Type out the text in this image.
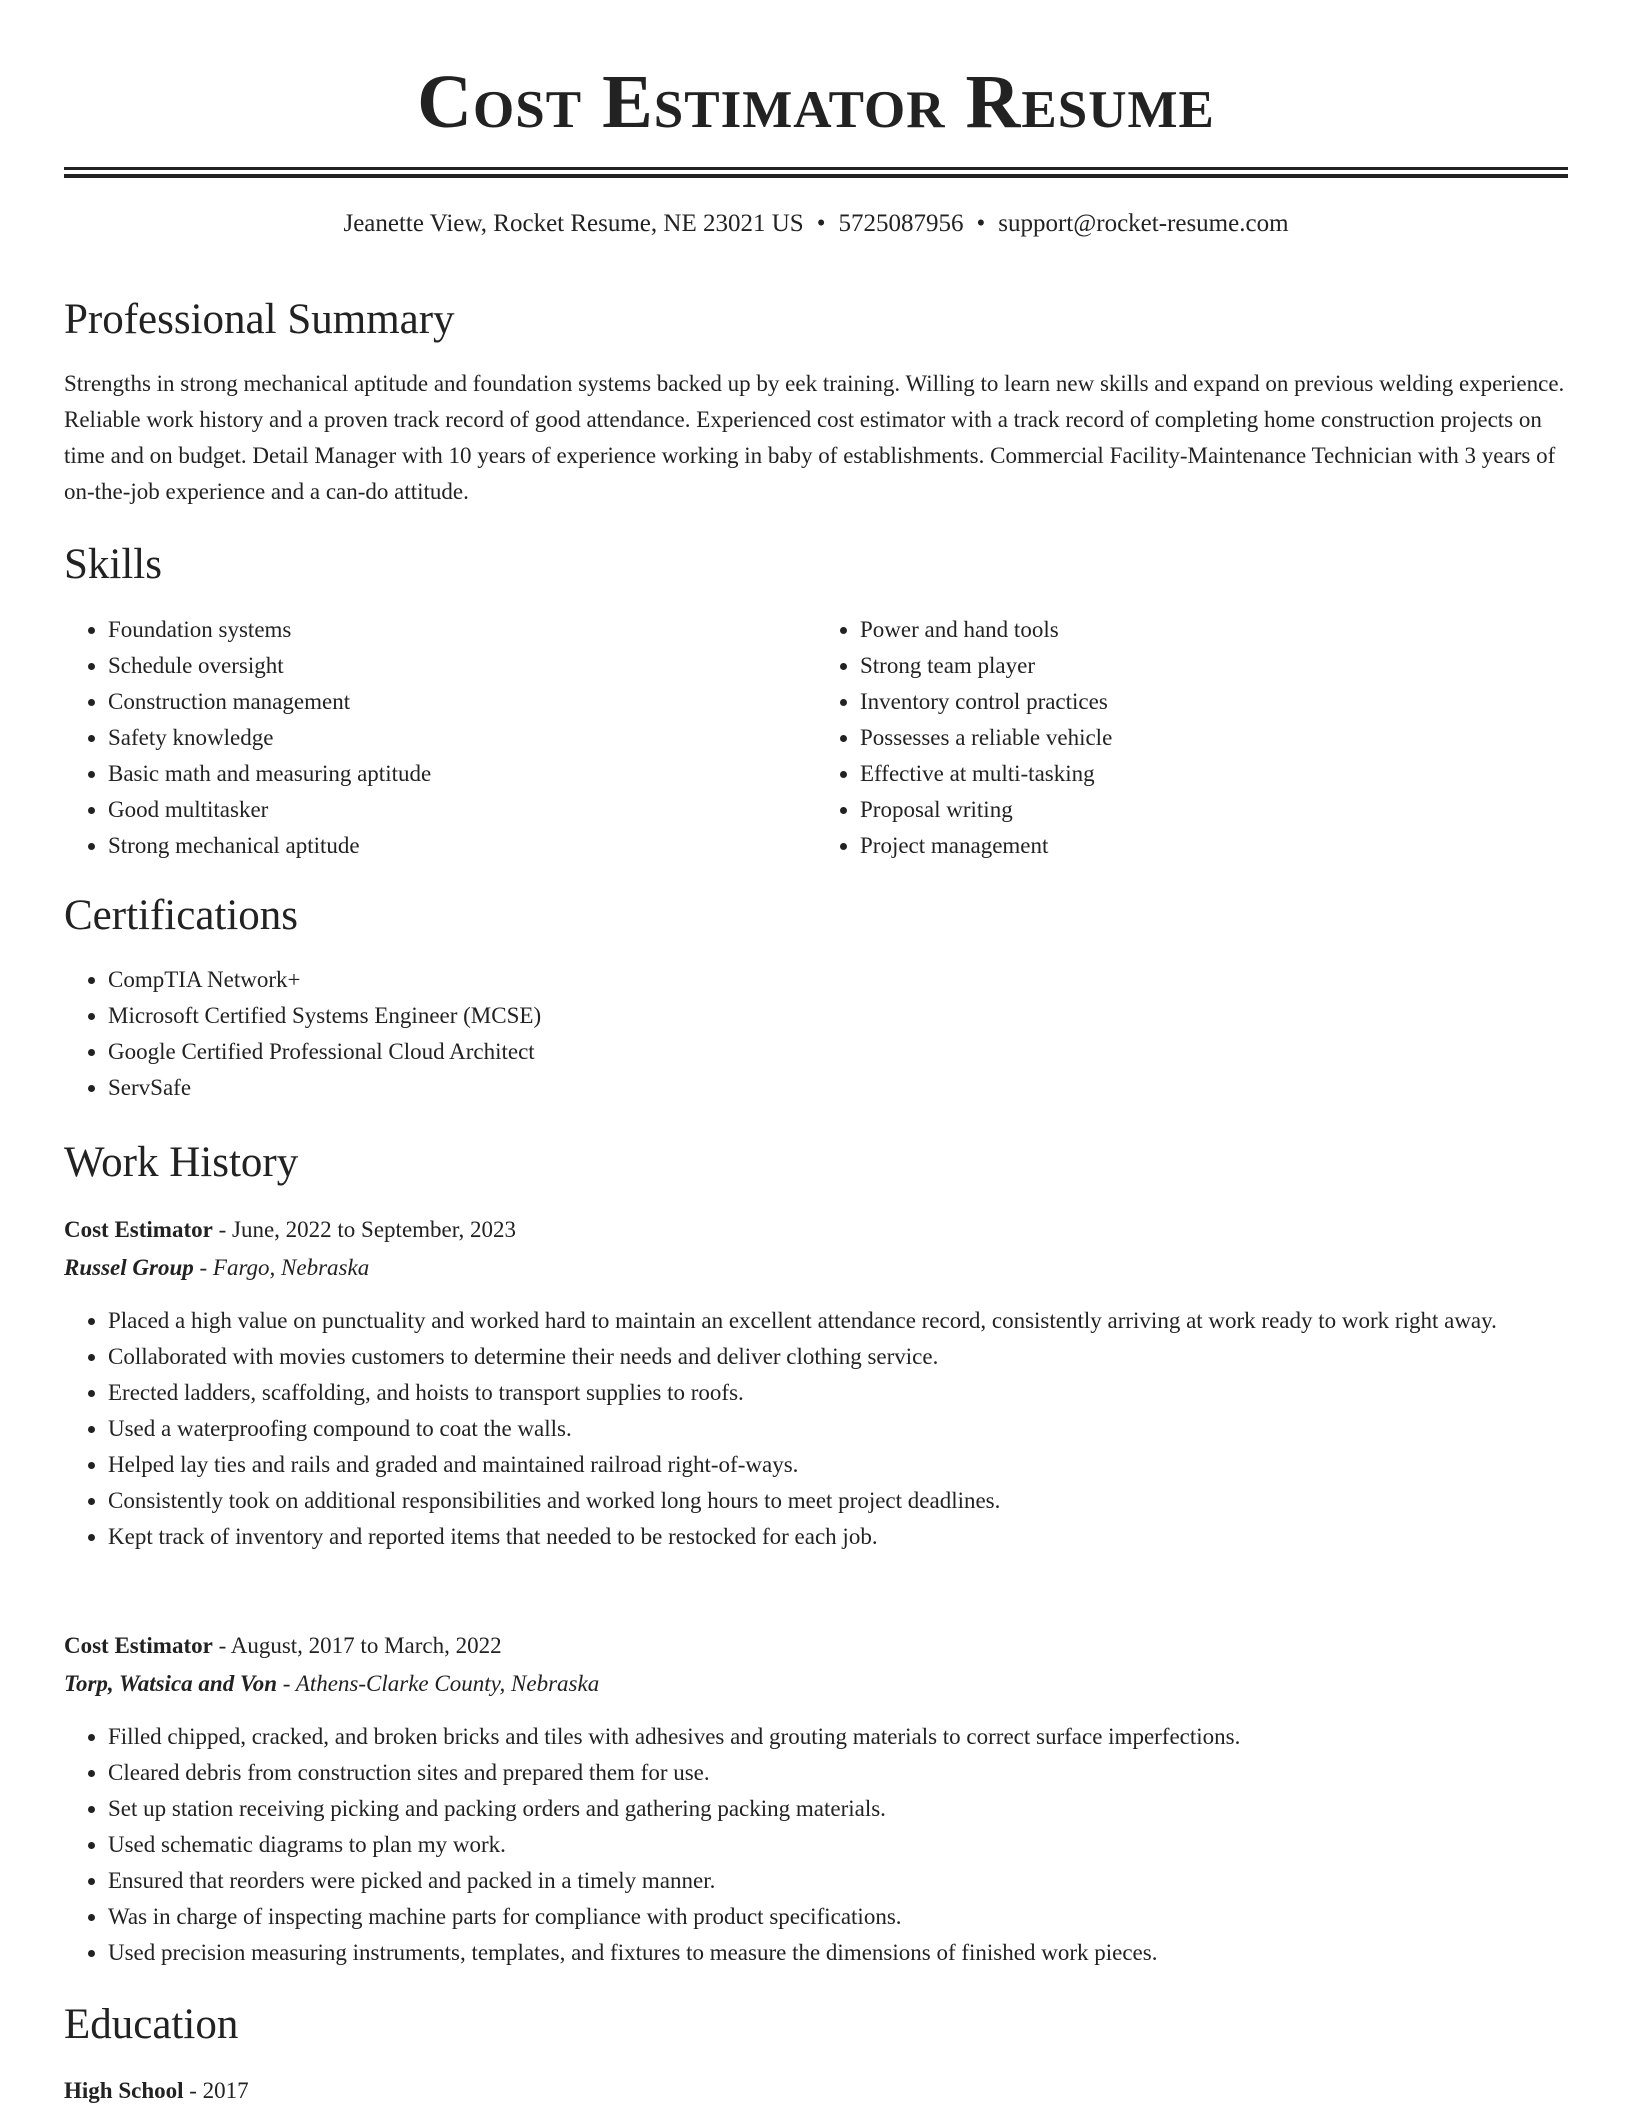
Cost Estimator Resume
Jeanette View, Rocket Resume, NE 23021 US • 5725087956 • support@rocket-resume.com
Professional Summary

Strengths in strong mechanical aptitude and foundation systems backed up by eek training. Willing to learn new skills and expand on previous welding experience. Reliable work history and a proven track record of good attendance. Experienced cost estimator with a track record of completing home construction projects on time and on budget. Detail Manager with 10 years of experience working in baby of establishments. Commercial Facility-Maintenance Technician with 3 years of on-the-job experience and a can-do attitude.

Skills
• Foundation systems
• Schedule oversight
• Construction management
• Safety knowledge
• Basic math and measuring aptitude
• Good multitasker
• Strong mechanical aptitude
• Power and hand tools
• Strong team player
• Inventory control practices
• Possesses a reliable vehicle
• Effective at multi-tasking
• Proposal writing
• Project management
Certifications
• CompTIA Network+
• Microsoft Certified Systems Engineer (MCSE)
• Google Certified Professional Cloud Architect
• ServSafe
Work History
Cost Estimator - June, 2022 to September, 2023
Russel Group - Fargo, Nebraska
• Placed a high value on punctuality and worked hard to maintain an excellent attendance record, consistently arriving at work ready to work right away.
• Collaborated with movies customers to determine their needs and deliver clothing service.
• Erected ladders, scaffolding, and hoists to transport supplies to roofs.
• Used a waterproofing compound to coat the walls.
• Helped lay ties and rails and graded and maintained railroad right-of-ways.
• Consistently took on additional responsibilities and worked long hours to meet project deadlines.
• Kept track of inventory and reported items that needed to be restocked for each job.
Cost Estimator - August, 2017 to March, 2022
Torp, Watsica and Von - Athens-Clarke County, Nebraska
• Filled chipped, cracked, and broken bricks and tiles with adhesives and grouting materials to correct surface imperfections.
• Cleared debris from construction sites and prepared them for use.
• Set up station receiving picking and packing orders and gathering packing materials.
• Used schematic diagrams to plan my work.
• Ensured that reorders were picked and packed in a timely manner.
• Was in charge of inspecting machine parts for compliance with product specifications.
• Used precision measuring instruments, templates, and fixtures to measure the dimensions of finished work pieces.
Education
High School - 2017
